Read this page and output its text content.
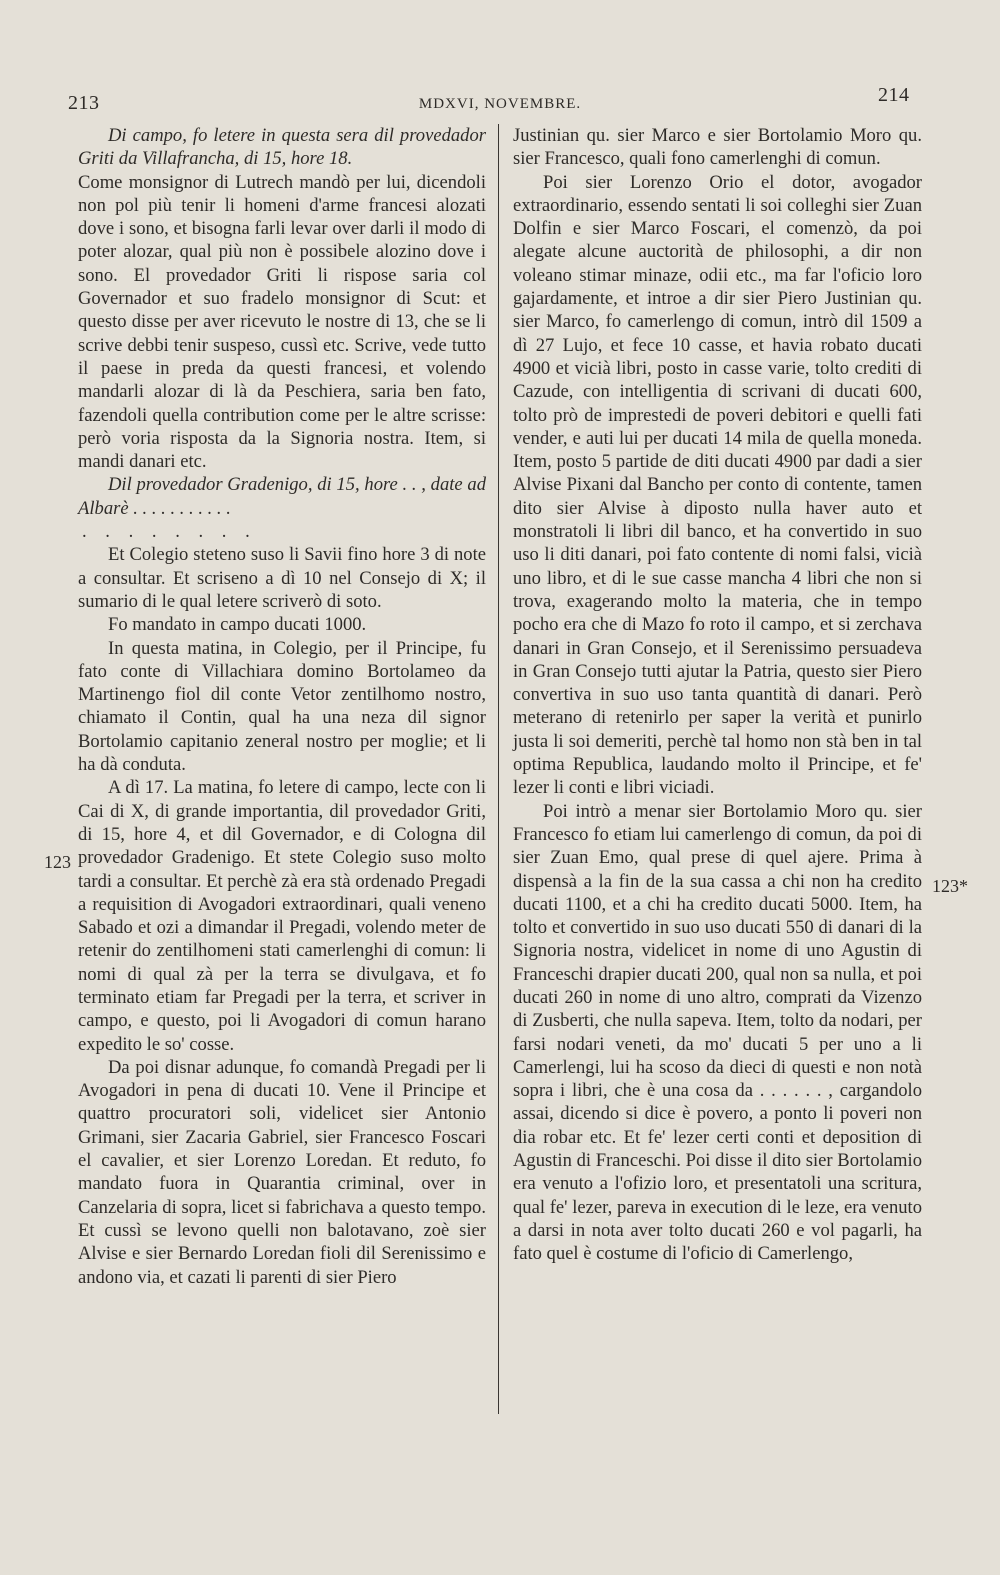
213	MDXVI, NOVEMBRE.	214

Di campo, fo letere in questa sera dil provedador Griti da Villafrancha, di 15, hore 18.

Come monsignor di Lutrech mandò per lui, dicendoli non pol più tenir li homeni d'arme francesi alozati dove i sono, et bisogna farli levar over darli il modo di poter alozar, qual più non è possibele alozino dove i sono. El provedador Griti li rispose saria col Governador et suo fradelo monsignor di Scut: et questo disse per aver ricevuto le nostre di 13, che se li scrive debbi tenir suspeso, cussì etc. Scrive, vede tutto il paese in preda da questi francesi, et volendo mandarli alozar di là da Peschiera, saria ben fato, fazendoli quella contribution come per le altre scrisse: però voria risposta da la Signoria nostra. Item, si mandi danari etc.

Dil provedador Gradenigo, di 15, hore . . , date ad Albarè . . . . . . . . . . .

. . . . . . . .

Et Colegio steteno suso li Savii fino hore 3 di note a consultar. Et scriseno a dì 10 nel Consejo di X; il sumario di le qual letere scriverò di soto.

Fo mandato in campo ducati 1000.

In questa matina, in Colegio, per il Principe, fu fato conte di Villachiara domino Bortolameo da Martinengo fiol dil conte Vetor zentilhomo nostro, chiamato il Contin, qual ha una neza dil signor Bortolamio capitanio zeneral nostro per moglie; et li ha dà conduta.

A dì 17. La matina, fo letere di campo, lecte con li Cai di X, di grande importantia, dil provedador Griti, di 15, hore 4, et dil Governador, e di Cologna dil provedador Gradenigo. Et stete Colegio suso molto tardi a consultar. Et perchè zà era stà ordenado Pregadi a requisition di Avogadori extraordinari, quali veneno Sabado et ozi a dimandar il Pregadi, volendo meter de retenir do zentilhomeni stati camerlenghi di comun: li nomi di qual zà per la terra se divulgava, et fo terminato etiam far Pregadi per la terra, et scriver in campo, e questo, poi li Avogadori di comun harano expedito le so' cosse.

Da poi disnar adunque, fo comandà Pregadi per li Avogadori in pena di ducati 10. Vene il Principe et quattro procuratori soli, videlicet sier Antonio Grimani, sier Zacaria Gabriel, sier Francesco Foscari el cavalier, et sier Lorenzo Loredan. Et reduto, fo mandato fuora in Quarantia criminal, over in Canzelaria di sopra, licet si fabrichava a questo tempo. Et cussì se levono quelli non balotavano, zoè sier Alvise e sier Bernardo Loredan fioli dil Serenissimo e andono via, et cazati li parenti di sier Piero

Justinian qu. sier Marco e sier Bortolamio Moro qu. sier Francesco, quali fono camerlenghi di comun.

Poi sier Lorenzo Orio el dotor, avogador extraordinario, essendo sentati li soi colleghi sier Zuan Dolfin e sier Marco Foscari, el comenzò, da poi alegate alcune auctorità de philosophi, a dir non voleano stimar minaze, odii etc., ma far l'oficio loro gajardamente, et introe a dir sier Piero Justinian qu. sier Marco, fo camerlengo di comun, intrò dil 1509 a dì 27 Lujo, et fece 10 casse, et havia robato ducati 4900 et vicià libri, posto in casse varie, tolto crediti di Cazude, con intelligentia di scrivani di ducati 600, tolto prò de imprestedi de poveri debitori e quelli fati vender, e auti lui per ducati 14 mila de quella moneda. Item, posto 5 partide de diti ducati 4900 par dadi a sier Alvise Pixani dal Bancho per conto di contente, tamen dito sier Alvise à diposto nulla haver auto et monstratoli li libri dil banco, et ha convertido in suo uso li diti danari, poi fato contente di nomi falsi, vicià uno libro, et di le sue casse mancha 4 libri che non si trova, exagerando molto la materia, che in tempo pocho era che di Mazo fo roto il campo, et si zerchava danari in Gran Consejo, et il Serenissimo persuadeva in Gran Consejo tutti ajutar la Patria, questo sier Piero convertiva in suo uso tanta quantità di danari. Però meterano di retenirlo per saper la verità et punirlo justa li soi demeriti, perchè tal homo non stà ben in tal optima Republica, laudando molto il Principe, et fe' lezer li conti e libri viciadi.

Poi intrò a menar sier Bortolamio Moro qu. sier Francesco fo etiam lui camerlengo di comun, da poi di sier Zuan Emo, qual prese di quel ajere. Prima à dispensà a la fin de la sua cassa a chi non ha credito ducati 1100, et a chi ha credito ducati 5000. Item, ha tolto et convertido in suo uso ducati 550 di danari di la Signoria nostra, videlicet in nome di uno Agustin di Franceschi drapier ducati 200, qual non sa nulla, et poi ducati 260 in nome di uno altro, comprati da Vizenzo di Zusberti, che nulla sapeva. Item, tolto da nodari, per farsi nodari veneti, da mo' ducati 5 per uno a li Camerlengi, lui ha scoso da dieci di questi e non notà sopra i libri, che è una cosa da . . . . . . , cargandolo assai, dicendo si dice è povero, a ponto li poveri non dia robar etc. Et fe' lezer certi conti et deposition di Agustin di Franceschi. Poi disse il dito sier Bortolamio era venuto a l'ofizio loro, et presentatoli una scritura, qual fe' lezer, pareva in execution di le leze, era venuto a darsi in nota aver tolto ducati 260 e vol pagarli, ha fato quel è costume di l'oficio di Camerlengo,

123
123*
